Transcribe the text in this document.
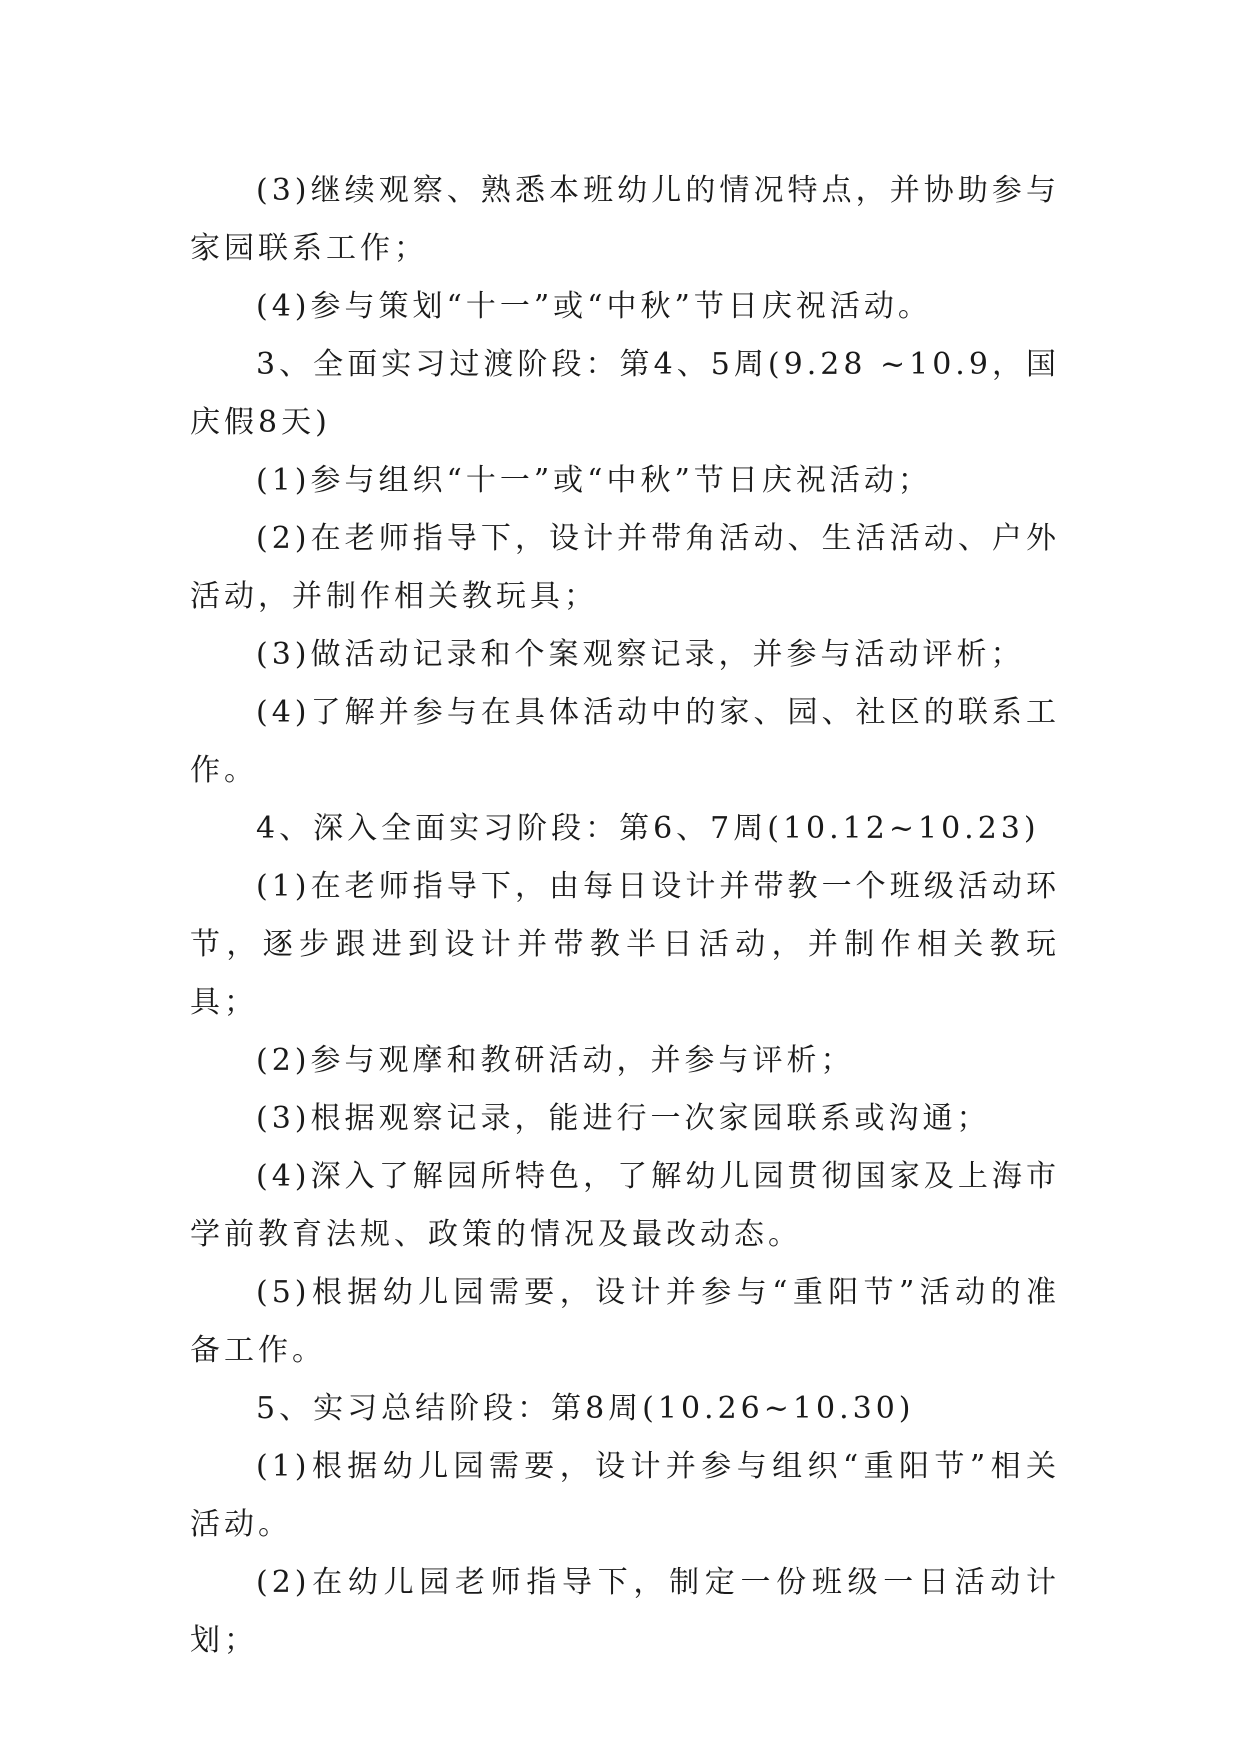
(3)继续观察、熟悉本班幼儿的情况特点，并协助参与家园联系工作；

(4)参与策划“十一”或“中秋”节日庆祝活动。

3、全面实习过渡阶段：第4、5周(9.28 ~10.9，国庆假8天)

(1)参与组织“十一”或“中秋”节日庆祝活动；

(2)在老师指导下，设计并带角活动、生活活动、户外活动，并制作相关教玩具；

(3)做活动记录和个案观察记录，并参与活动评析；

(4)了解并参与在具体活动中的家、园、社区的联系工作。

4、深入全面实习阶段：第6、7周(10.12~10.23)

(1)在老师指导下，由每日设计并带教一个班级活动环节，逐步跟进到设计并带教半日活动，并制作相关教玩具；

(2)参与观摩和教研活动，并参与评析；

(3)根据观察记录，能进行一次家园联系或沟通；

(4)深入了解园所特色，了解幼儿园贯彻国家及上海市学前教育法规、政策的情况及最改动态。

(5)根据幼儿园需要，设计并参与“重阳节”活动的准备工作。

5、实习总结阶段：第8周(10.26~10.30)

(1)根据幼儿园需要，设计并参与组织“重阳节”相关活动。

(2)在幼儿园老师指导下，制定一份班级一日活动计划；
